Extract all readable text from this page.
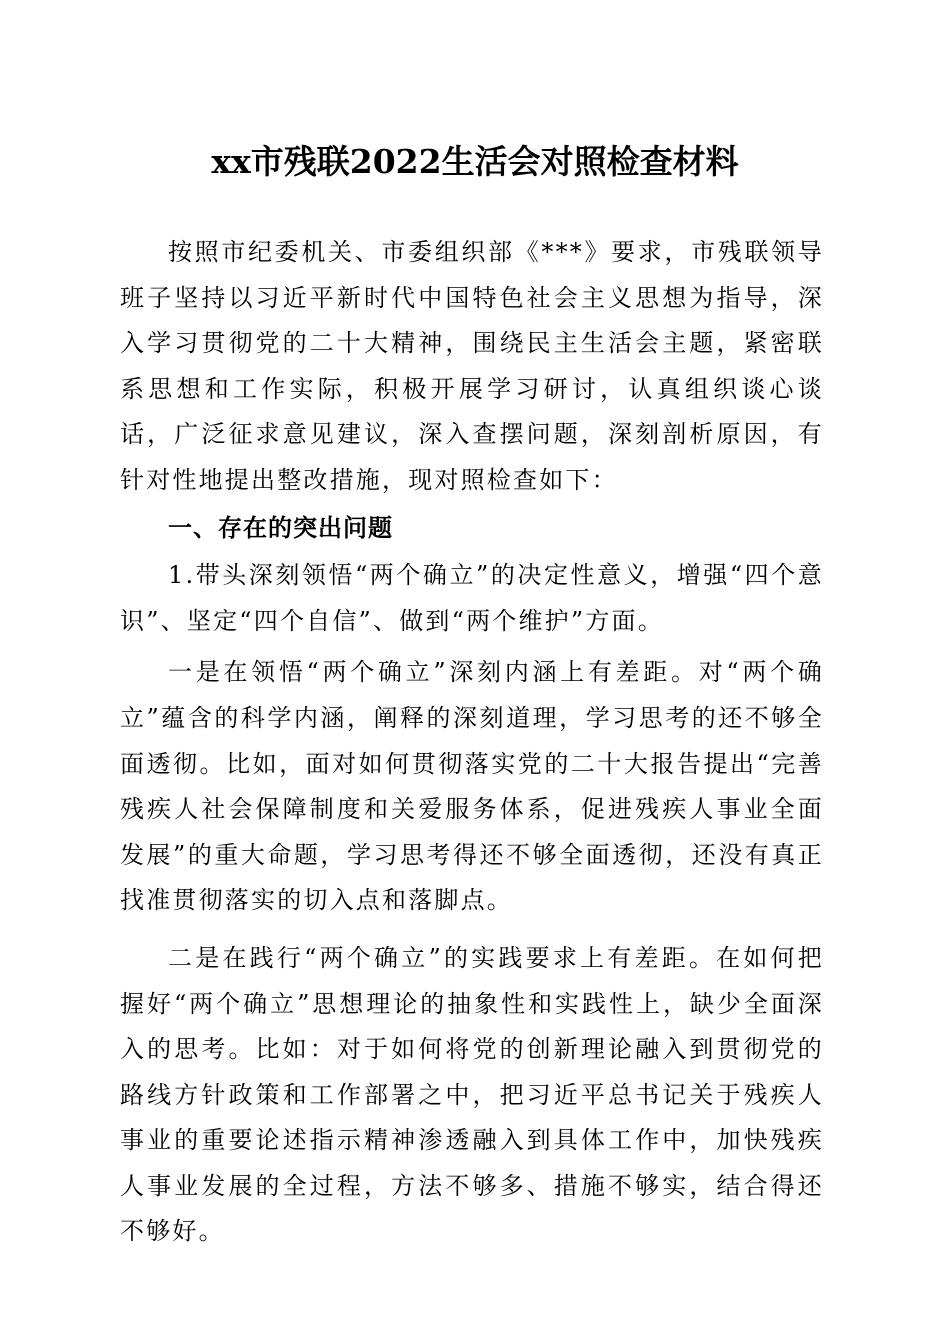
xx市残联2022生活会对照检查材料

按照市纪委机关、市委组织部《***》要求，市残联领导班子坚持以习近平新时代中国特色社会主义思想为指导，深入学习贯彻党的二十大精神，围绕民主生活会主题，紧密联系思想和工作实际，积极开展学习研讨，认真组织谈心谈话，广泛征求意见建议，深入查摆问题，深刻剖析原因，有针对性地提出整改措施，现对照检查如下：

一、存在的突出问题

1.带头深刻领悟“两个确立”的决定性意义，增强“四个意识”、坚定“四个自信”、做到“两个维护”方面。

一是在领悟“两个确立”深刻内涵上有差距。对“两个确立”蕴含的科学内涵，阐释的深刻道理，学习思考的还不够全面透彻。比如，面对如何贯彻落实党的二十大报告提出“完善残疾人社会保障制度和关爱服务体系，促进残疾人事业全面发展”的重大命题，学习思考得还不够全面透彻，还没有真正找准贯彻落实的切入点和落脚点。

二是在践行“两个确立”的实践要求上有差距。在如何把握好“两个确立”思想理论的抽象性和实践性上，缺少全面深入的思考。比如：对于如何将党的创新理论融入到贯彻党的路线方针政策和工作部署之中，把习近平总书记关于残疾人事业的重要论述指示精神渗透融入到具体工作中，加快残疾人事业发展的全过程，方法不够多、措施不够实，结合得还不够好。
